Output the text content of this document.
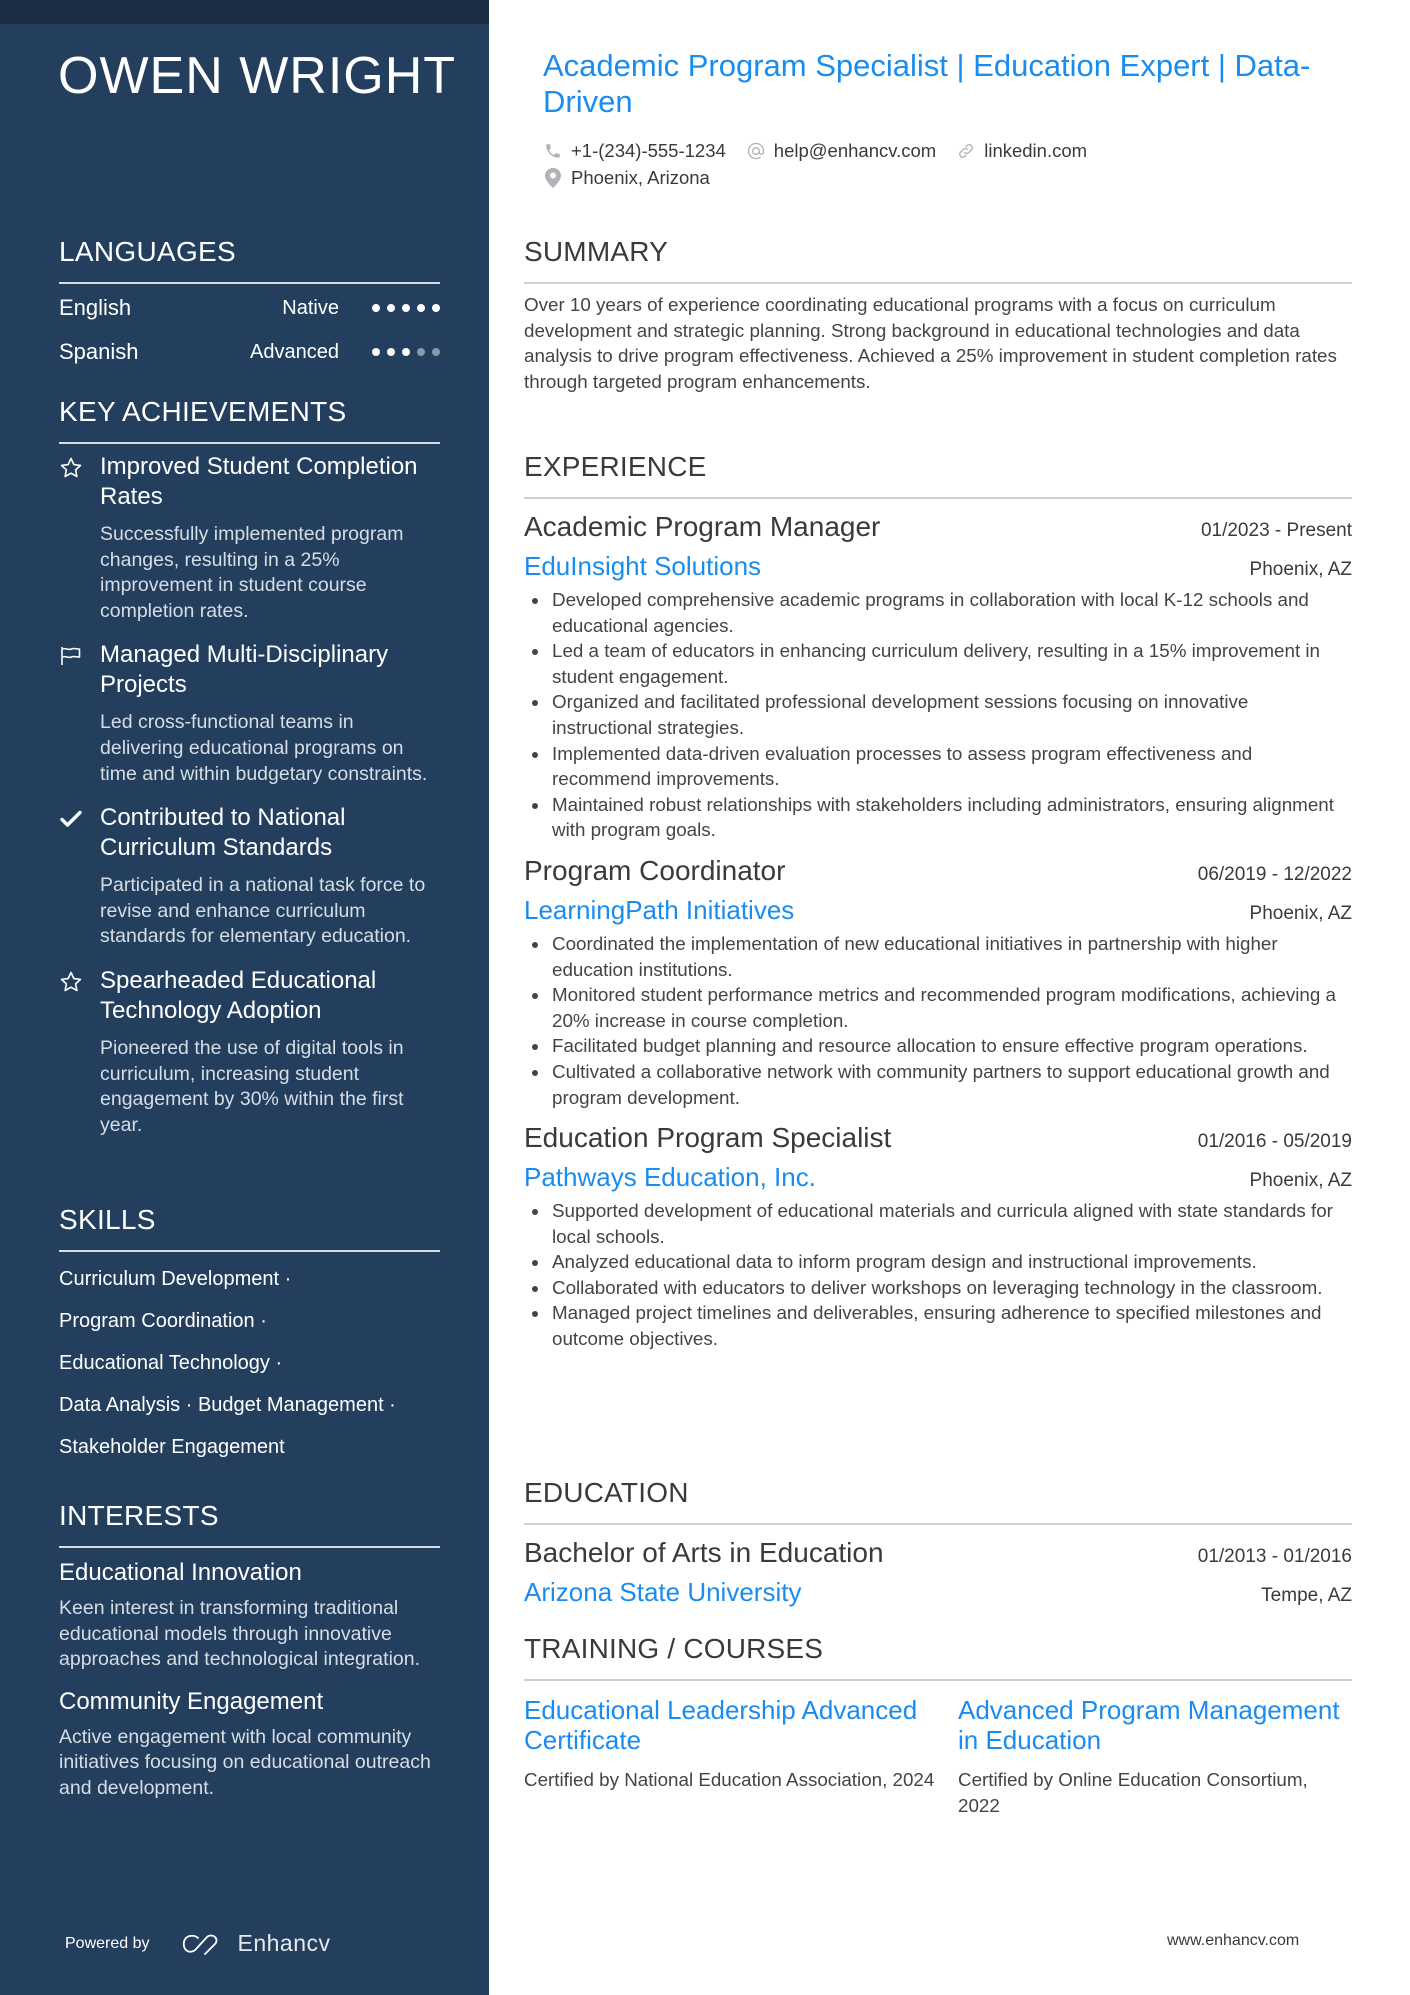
OWEN WRIGHT
LANGUAGES
English	Native
Spanish	Advanced
KEY ACHIEVEMENTS
Improved Student Completion Rates
Successfully implemented program changes, resulting in a 25% improvement in student course completion rates.
Managed Multi-Disciplinary Projects
Led cross-functional teams in delivering educational programs on time and within budgetary constraints.
Contributed to National Curriculum Standards
Participated in a national task force to revise and enhance curriculum standards for elementary education.
Spearheaded Educational Technology Adoption
Pioneered the use of digital tools in curriculum, increasing student engagement by 30% within the first year.
SKILLS
Curriculum Development ·
Program Coordination ·
Educational Technology ·
Data Analysis · Budget Management ·
Stakeholder Engagement
INTERESTS
Educational Innovation
Keen interest in transforming traditional educational models through innovative approaches and technological integration.
Community Engagement
Active engagement with local community initiatives focusing on educational outreach and development.
Powered by	Enhancv
Academic Program Specialist | Education Expert | Data-Driven
+1-(234)-555-1234	help@enhancv.com	linkedin.com
Phoenix, Arizona
SUMMARY

Over 10 years of experience coordinating educational programs with a focus on curriculum development and strategic planning. Strong background in educational technologies and data analysis to drive program effectiveness. Achieved a 25% improvement in student completion rates through targeted program enhancements.

EXPERIENCE
Academic Program Manager	01/2023 - Present
EduInsight Solutions	Phoenix, AZ
Developed comprehensive academic programs in collaboration with local K-12 schools and educational agencies.
Led a team of educators in enhancing curriculum delivery, resulting in a 15% improvement in student engagement.
Organized and facilitated professional development sessions focusing on innovative instructional strategies.
Implemented data-driven evaluation processes to assess program effectiveness and recommend improvements.
Maintained robust relationships with stakeholders including administrators, ensuring alignment with program goals.
Program Coordinator	06/2019 - 12/2022
LearningPath Initiatives	Phoenix, AZ
Coordinated the implementation of new educational initiatives in partnership with higher education institutions.
Monitored student performance metrics and recommended program modifications, achieving a 20% increase in course completion.
Facilitated budget planning and resource allocation to ensure effective program operations.
Cultivated a collaborative network with community partners to support educational growth and program development.
Education Program Specialist	01/2016 - 05/2019
Pathways Education, Inc.	Phoenix, AZ
Supported development of educational materials and curricula aligned with state standards for local schools.
Analyzed educational data to inform program design and instructional improvements.
Collaborated with educators to deliver workshops on leveraging technology in the classroom.
Managed project timelines and deliverables, ensuring adherence to specified milestones and outcome objectives.
EDUCATION
Bachelor of Arts in Education	01/2013 - 01/2016
Arizona State University	Tempe, AZ
TRAINING / COURSES
Educational Leadership Advanced Certificate
Certified by National Education Association, 2024
Advanced Program Management in Education
Certified by Online Education Consortium, 2022
www.enhancv.com
